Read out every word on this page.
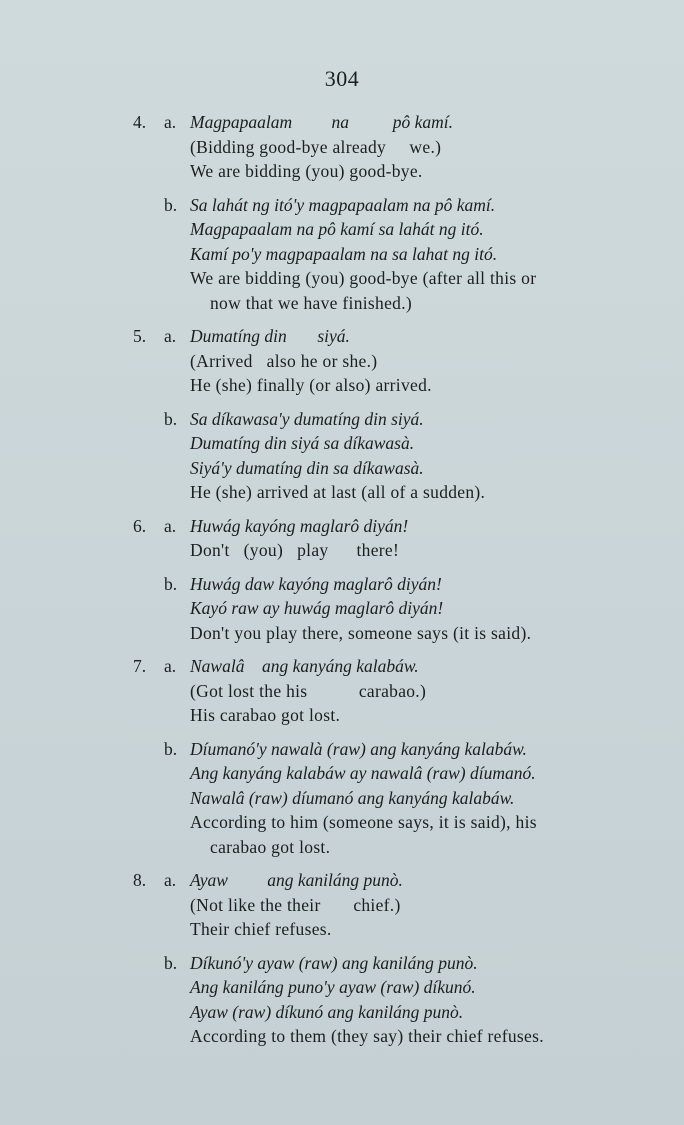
304
4. a. Magpapaalam         na          pô kamí.
(Bidding good-bye already     we.)
We are bidding (you) good-bye.
b. Sa lahát ng itó'y magpapaalam na pô kamí.
Magpapaalam na pô kamí sa lahát ng itó.
Kamí po'y magpapaalam na sa lahat ng itó.
We are bidding (you) good-bye (after all this or
now that we have finished.)
5. a. Dumatíng din       siyá.
(Arrived   also he or she.)
He (she) finally (or also) arrived.
b. Sa díkawasa'y dumatíng din siyá.
Dumatíng din siyá sa díkawasà.
Siyá'y dumatíng din sa díkawasà.
He (she) arrived at last (all of a sudden).
6. a. Huwág kayóng maglarô diyán!
Don't   (you)   play      there!
b. Huwág daw kayóng maglarô diyán!
Kayó raw ay huwág maglarô diyán!
Don't you play there, someone says (it is said).
7. a. Nawalâ    ang kanyáng kalabáw.
(Got lost the his           carabao.)
His carabao got lost.
b. Díumanó'y nawalà (raw) ang kanyáng kalabáw.
Ang kanyáng kalabáw ay nawalâ (raw) díumanó.
Nawalâ (raw) díumanó ang kanyáng kalabáw.
According to him (someone says, it is said), his
carabao got lost.
8. a. Ayaw         ang kaniláng punò.
(Not like the their       chief.)
Their chief refuses.
b. Díkunó'y ayaw (raw) ang kaniláng punò.
Ang kaniláng puno'y ayaw (raw) díkunó.
Ayaw (raw) díkunó ang kaniláng punò.
According to them (they say) their chief refuses.
